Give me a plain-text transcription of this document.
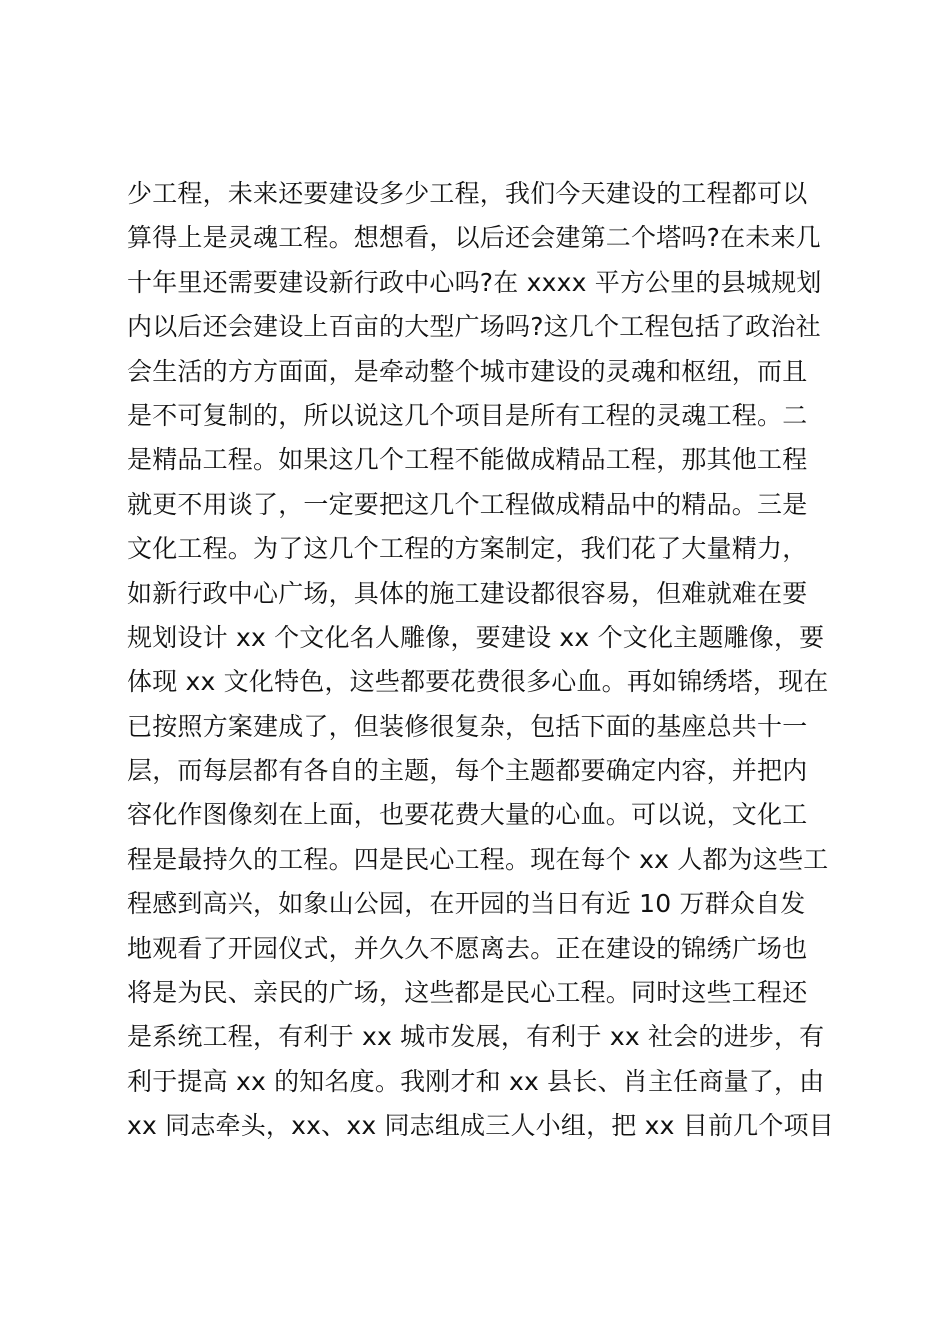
少工程，未来还要建设多少工程，我们今天建设的工程都可以
算得上是灵魂工程。想想看，以后还会建第二个塔吗?在未来几
十年里还需要建设新行政中心吗?在 xxxx 平方公里的县城规划
内以后还会建设上百亩的大型广场吗?这几个工程包括了政治社
会生活的方方面面，是牵动整个城市建设的灵魂和枢纽，而且
是不可复制的，所以说这几个项目是所有工程的灵魂工程。二
是精品工程。如果这几个工程不能做成精品工程，那其他工程
就更不用谈了，一定要把这几个工程做成精品中的精品。三是
文化工程。为了这几个工程的方案制定，我们花了大量精力，
如新行政中心广场，具体的施工建设都很容易，但难就难在要
规划设计 xx 个文化名人雕像，要建设 xx 个文化主题雕像，要
体现 xx 文化特色，这些都要花费很多心血。再如锦绣塔，现在
已按照方案建成了，但装修很复杂，包括下面的基座总共十一
层，而每层都有各自的主题，每个主题都要确定内容，并把内
容化作图像刻在上面，也要花费大量的心血。可以说，文化工
程是最持久的工程。四是民心工程。现在每个 xx 人都为这些工
程感到高兴，如象山公园，在开园的当日有近 10 万群众自发
地观看了开园仪式，并久久不愿离去。正在建设的锦绣广场也
将是为民、亲民的广场，这些都是民心工程。同时这些工程还
是系统工程，有利于 xx 城市发展，有利于 xx 社会的进步，有
利于提高 xx 的知名度。我刚才和 xx 县长、肖主任商量了，由
xx 同志牵头，xx、xx 同志组成三人小组，把 xx 目前几个项目
